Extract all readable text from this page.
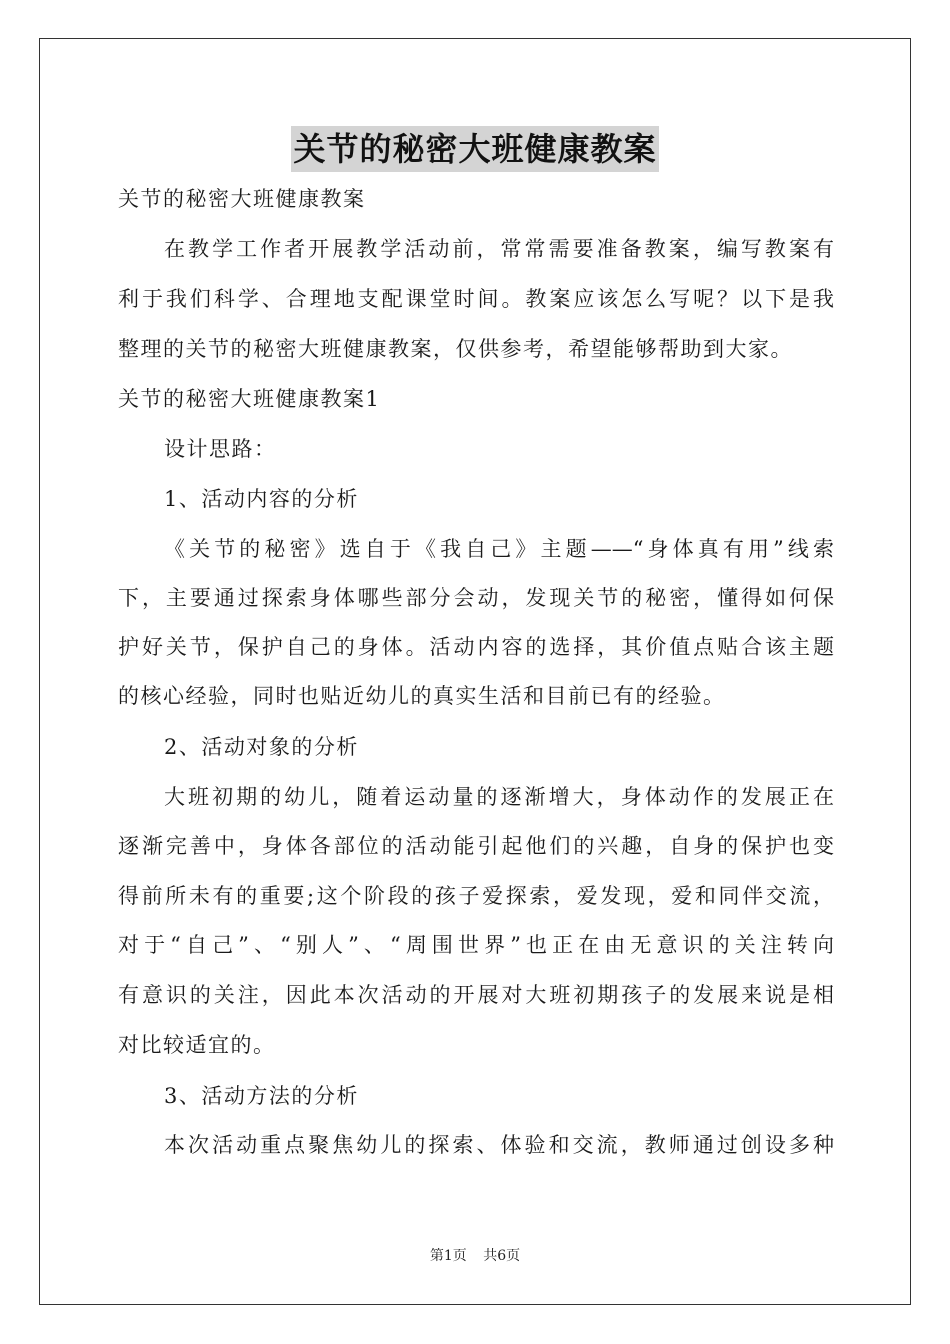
关节的秘密大班健康教案
关节的秘密大班健康教案
在教学工作者开展教学活动前，常常需要准备教案，编写教案有
利于我们科学、合理地支配课堂时间。教案应该怎么写呢？以下是我
整理的关节的秘密大班健康教案，仅供参考，希望能够帮助到大家。
关节的秘密大班健康教案1
设计思路：
1、活动内容的分析
《关节的秘密》选自于《我自己》主题——“身体真有用”线索
下，主要通过探索身体哪些部分会动，发现关节的秘密，懂得如何保
护好关节，保护自己的身体。活动内容的选择，其价值点贴合该主题
的核心经验，同时也贴近幼儿的真实生活和目前已有的经验。
2、活动对象的分析
大班初期的幼儿，随着运动量的逐渐增大，身体动作的发展正在
逐渐完善中，身体各部位的活动能引起他们的兴趣，自身的保护也变
得前所未有的重要;这个阶段的孩子爱探索，爱发现，爱和同伴交流，
对于“自己”、“别人”、“周围世界”也正在由无意识的关注转向
有意识的关注，因此本次活动的开展对大班初期孩子的发展来说是相
对比较适宜的。
3、活动方法的分析
本次活动重点聚焦幼儿的探索、体验和交流，教师通过创设多种
第1页 共6页
